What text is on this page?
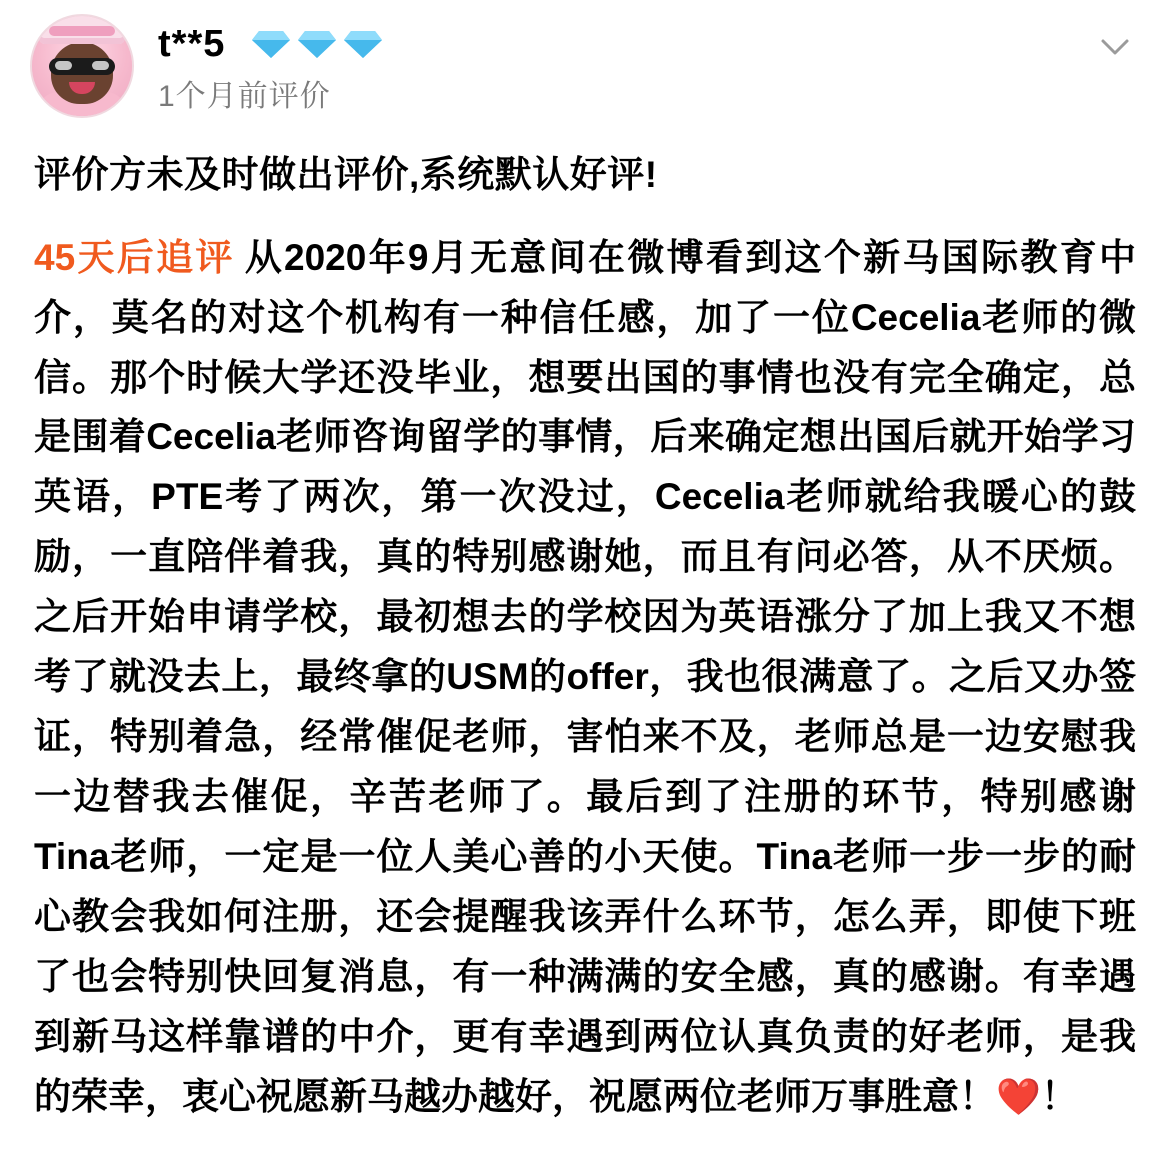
t**5
1个月前评价
评价方未及时做出评价,系统默认好评!
45天后追评 从2020年9月无意间在微博看到这个新马国际教育中介，莫名的对这个机构有一种信任感，加了一位Cecelia老师的微信。那个时候大学还没毕业，想要出国的事情也没有完全确定，总是围着Cecelia老师咨询留学的事情，后来确定想出国后就开始学习英语，PTE考了两次，第一次没过，Cecelia老师就给我暖心的鼓励，一直陪伴着我，真的特别感谢她，而且有问必答，从不厌烦。之后开始申请学校，最初想去的学校因为英语涨分了加上我又不想考了就没去上，最终拿的USM的offer，我也很满意了。之后又办签证，特别着急，经常催促老师，害怕来不及，老师总是一边安慰我一边替我去催促，辛苦老师了。最后到了注册的环节，特别感谢Tina老师，一定是一位人美心善的小天使。Tina老师一步一步的耐心教会我如何注册，还会提醒我该弄什么环节，怎么弄，即使下班了也会特别快回复消息，有一种满满的安全感，真的感谢。有幸遇到新马这样靠谱的中介，更有幸遇到两位认真负责的好老师，是我的荣幸，衷心祝愿新马越办越好，祝愿两位老师万事胜意！❤️！
